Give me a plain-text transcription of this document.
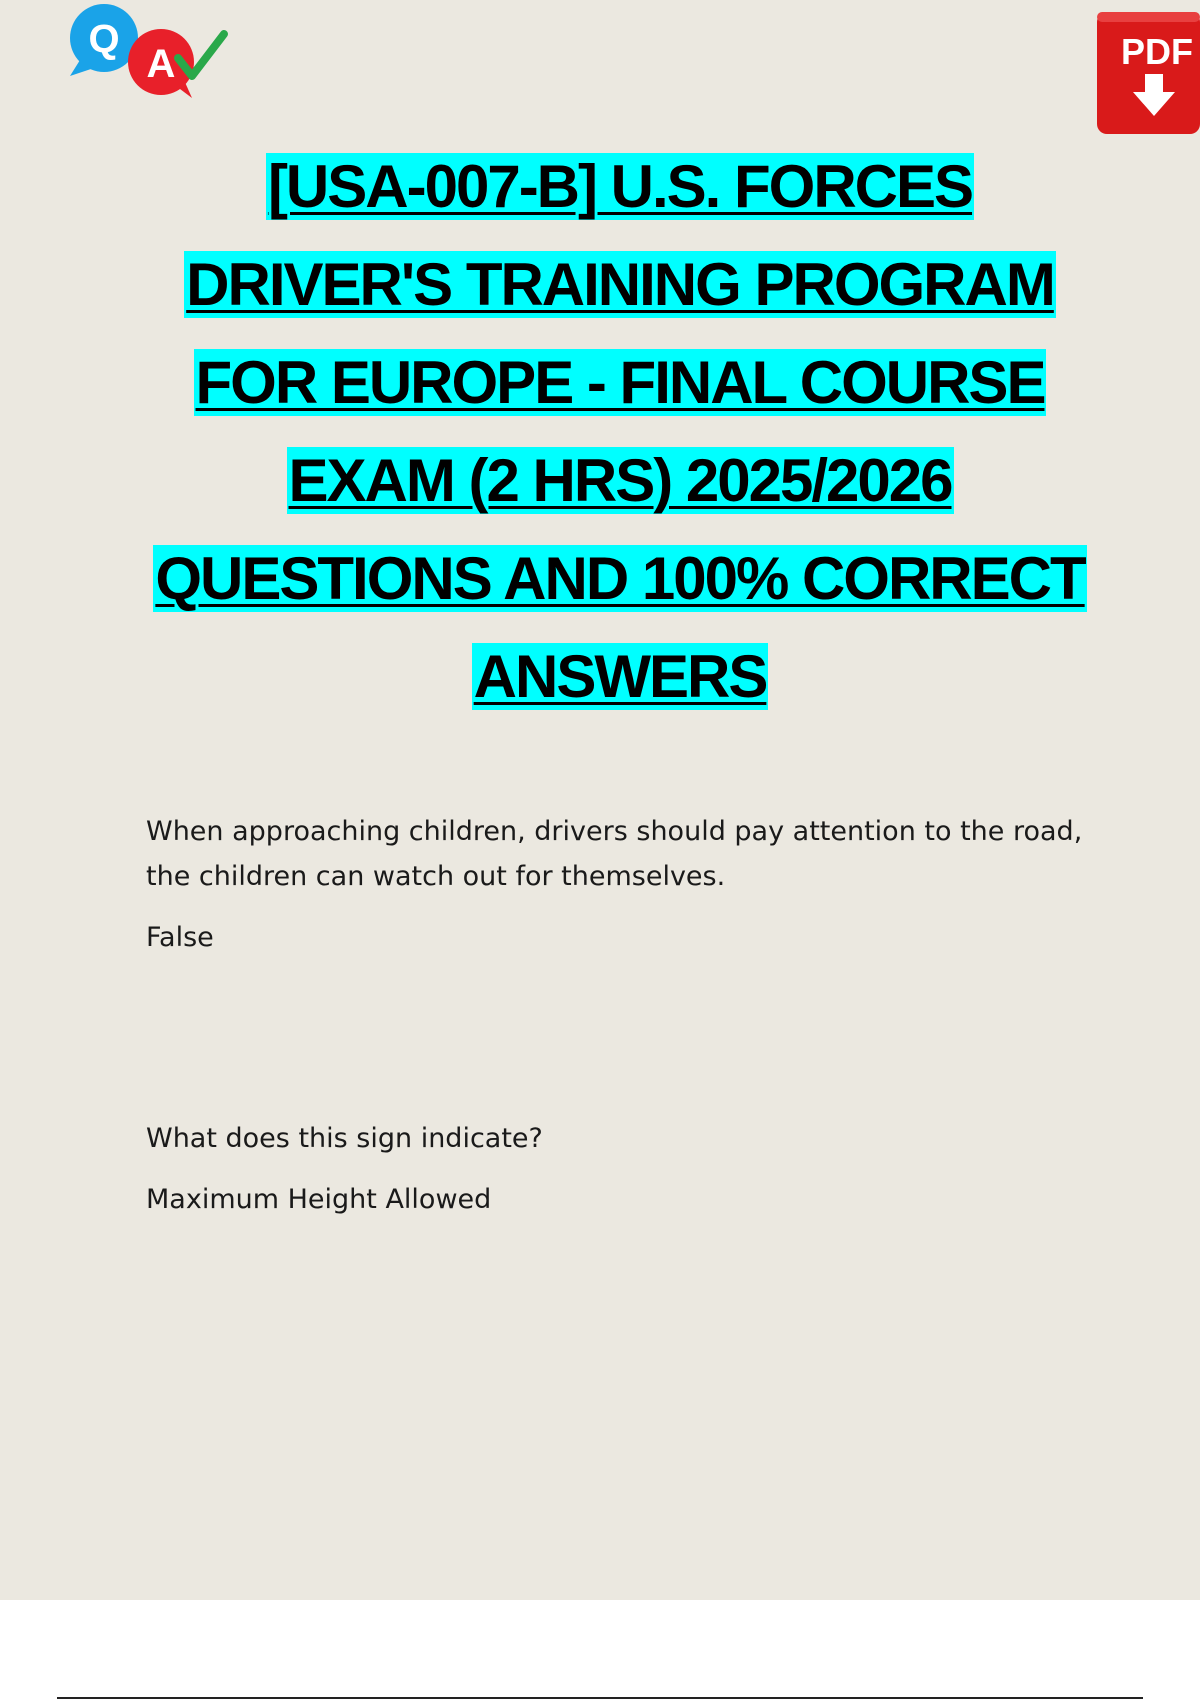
Q
A	PDF
[USA-007-B] U.S. FORCES
DRIVER'S TRAINING PROGRAM
FOR EUROPE - FINAL COURSE
EXAM (2 HRS) 2025/2026
QUESTIONS AND 100% CORRECT
ANSWERS

When approaching children, drivers should pay attention to the road, the children can watch out for themselves.

False

What does this sign indicate?

Maximum Height Allowed
